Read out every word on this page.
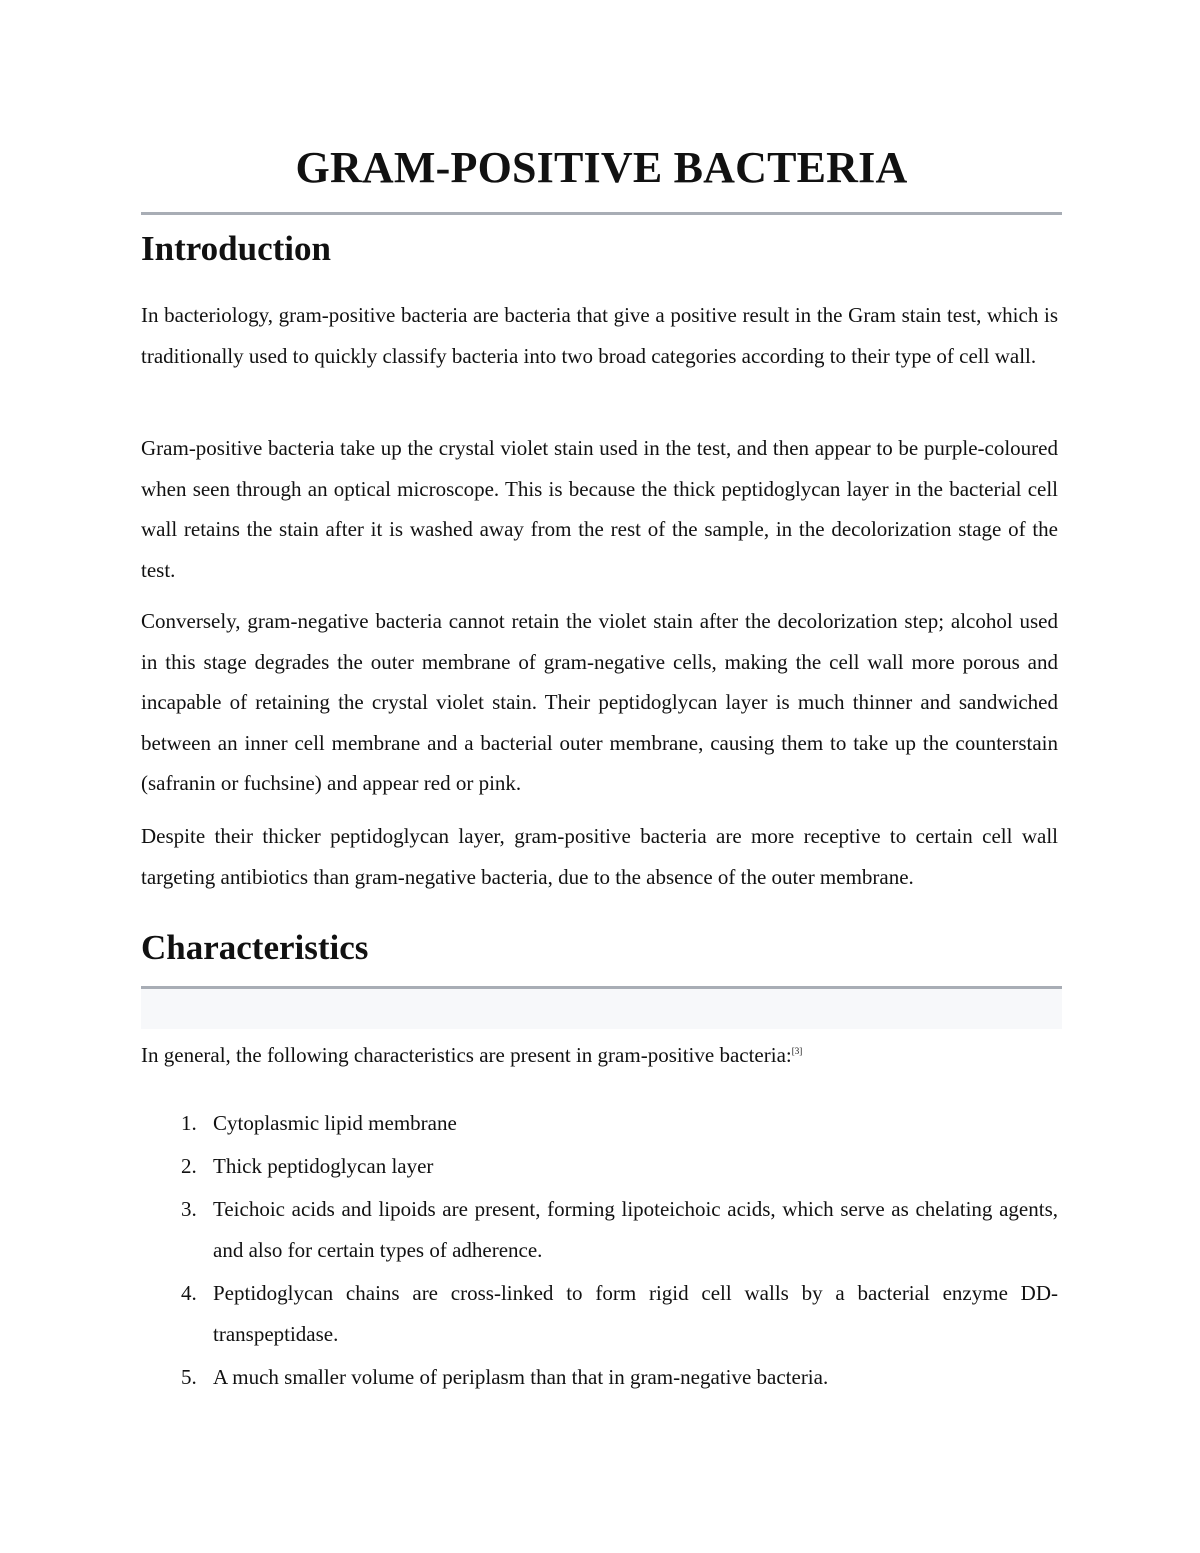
GRAM-POSITIVE BACTERIA
Introduction

In bacteriology, gram-positive bacteria are bacteria that give a positive result in the Gram stain test, which is traditionally used to quickly classify bacteria into two broad categories according to their type of cell wall.

Gram-positive bacteria take up the crystal violet stain used in the test, and then appear to be purple-coloured when seen through an optical microscope. This is because the thick peptidoglycan layer in the bacterial cell wall retains the stain after it is washed away from the rest of the sample, in the decolorization stage of the test.

Conversely, gram-negative bacteria cannot retain the violet stain after the decolorization step; alcohol used in this stage degrades the outer membrane of gram-negative cells, making the cell wall more porous and incapable of retaining the crystal violet stain. Their peptidoglycan layer is much thinner and sandwiched between an inner cell membrane and a bacterial outer membrane, causing them to take up the counterstain (safranin or fuchsine) and appear red or pink.

Despite their thicker peptidoglycan layer, gram-positive bacteria are more receptive to certain cell wall targeting antibiotics than gram-negative bacteria, due to the absence of the outer membrane.

Characteristics

In general, the following characteristics are present in gram-positive bacteria:[3]

1. Cytoplasmic lipid membrane
2. Thick peptidoglycan layer
3. Teichoic acids and lipoids are present, forming lipoteichoic acids, which serve as chelating agents, and also for certain types of adherence.
4. Peptidoglycan chains are cross-linked to form rigid cell walls by a bacterial enzyme DD-transpeptidase.
5. A much smaller volume of periplasm than that in gram-negative bacteria.
